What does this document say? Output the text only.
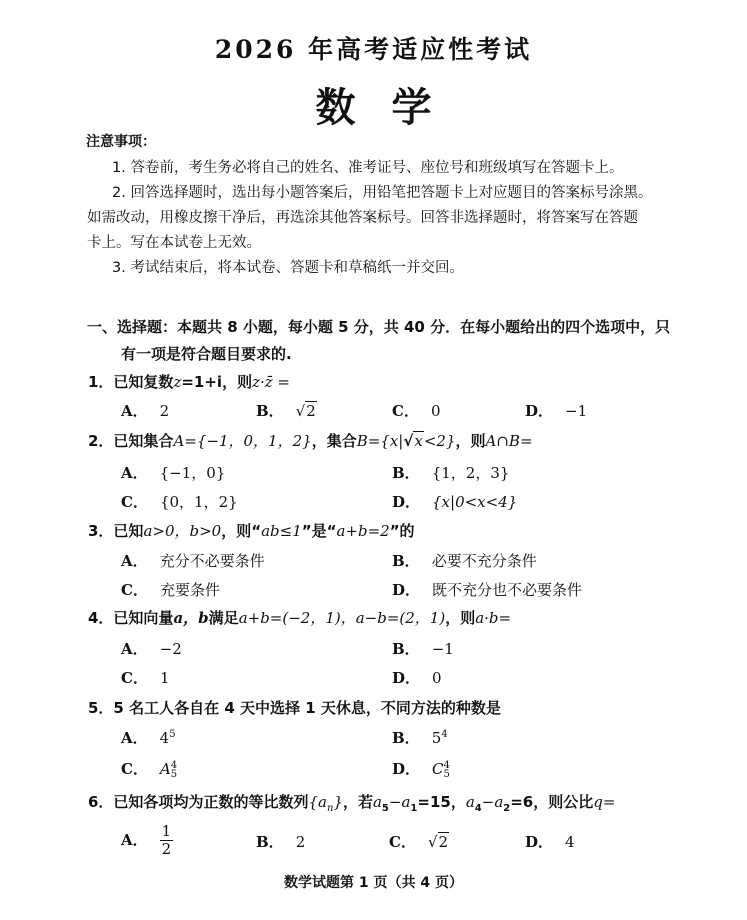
2026 年高考适应性考试
数学
注意事项：
1. 答卷前，考生务必将自己的姓名、准考证号、座位号和班级填写在答题卡上。
2. 回答选择题时，选出每小题答案后，用铅笔把答题卡上对应题目的答案标号涂黑。
如需改动，用橡皮擦干净后，再选涂其他答案标号。回答非选择题时，将答案写在答题
卡上。写在本试卷上无效。
3. 考试结束后，将本试卷、答题卡和草稿纸一并交回。
一、选择题：本题共 8 小题，每小题 5 分，共 40 分．在每小题给出的四个选项中，只
有一项是符合题目要求的.
1．已知复数z=1+i，则z·z̄ =
A． 2	B． √2	C． 0	D． −1
2．已知集合A={−1，0，1，2}，集合B={x|√x<2}，则A∩B=
A． {−1，0}	B． {1，2，3}
C． {0，1，2}	D． {x|0<x<4}
3．已知a>0，b>0，则“ab≤1”是“a+b=2”的
A． 充分不必要条件	B． 必要不充分条件
C． 充要条件	D． 既不充分也不必要条件
4．已知向量a，b满足a+b=(−2，1)，a−b=(2，1)，则a·b=
A． −2	B． −1
C． 1	D． 0
5．5 名工人各自在 4 天中选择 1 天休息，不同方法的种数是
A． $4^5$	B． $5^4$
C． A 4
5	D． C 4
5
6．已知各项均为正数的等比数列$\{a_n\}$，若$a_5-a_1=15$，$a_4-a_2=6$，则公比q=
A． $\frac{1}{2}$	B． 2	C． √2	D． 4
数学试题第 1 页（共 4 页）
